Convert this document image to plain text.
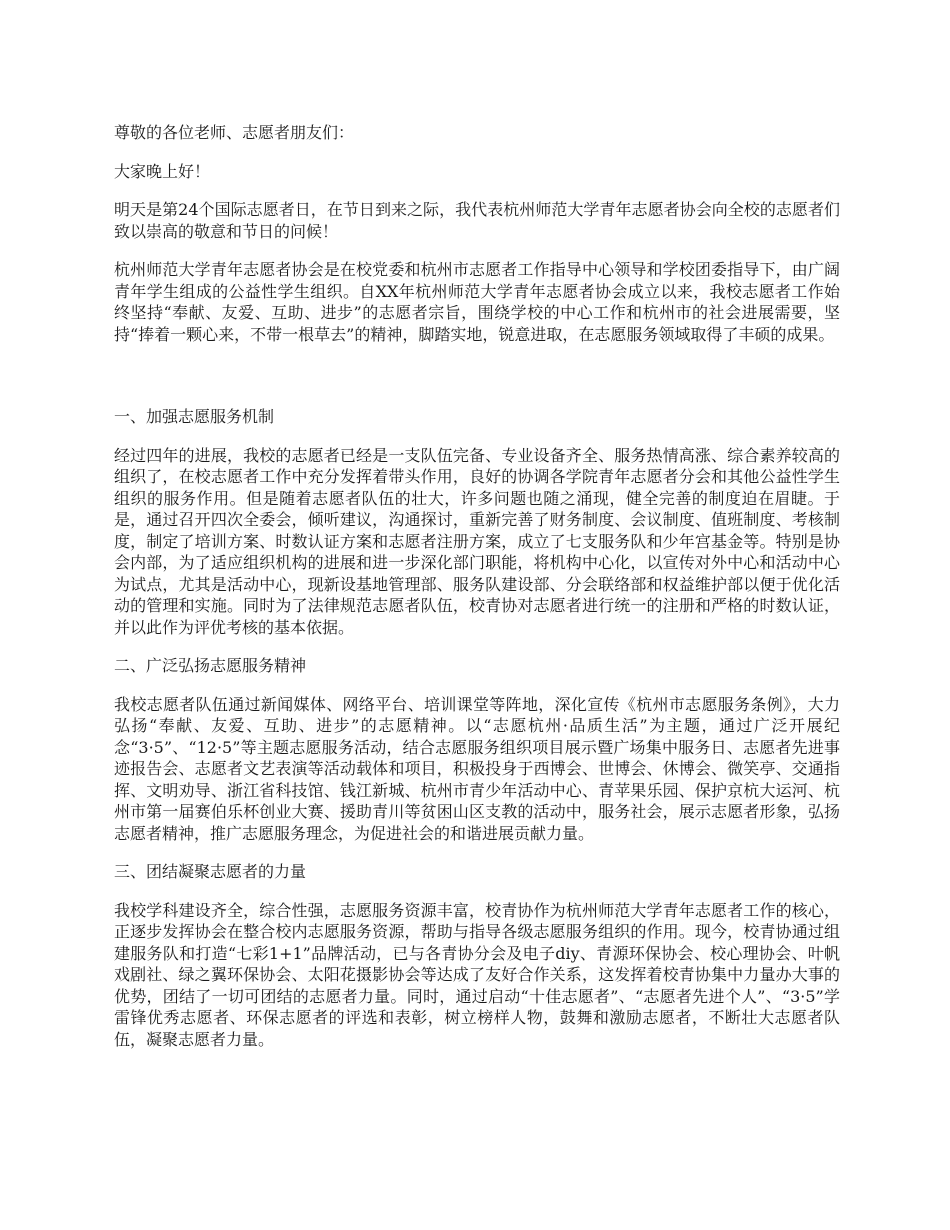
尊敬的各位老师、志愿者朋友们：

大家晚上好！

明天是第24个国际志愿者日，在节日到来之际，我代表杭州师范大学青年志愿者协会向全校的志愿者们致以崇高的敬意和节日的问候！

杭州师范大学青年志愿者协会是在校党委和杭州市志愿者工作指导中心领导和学校团委指导下，由广阔青年学生组成的公益性学生组织。自XX年杭州师范大学青年志愿者协会成立以来，我校志愿者工作始终坚持“奉献、友爱、互助、进步”的志愿者宗旨，围绕学校的中心工作和杭州市的社会进展需要，坚持“捧着一颗心来，不带一根草去”的精神，脚踏实地，锐意进取，在志愿服务领域取得了丰硕的成果。

一、加强志愿服务机制

经过四年的进展，我校的志愿者已经是一支队伍完备、专业设备齐全、服务热情高涨、综合素养较高的组织了，在校志愿者工作中充分发挥着带头作用，良好的协调各学院青年志愿者分会和其他公益性学生组织的服务作用。但是随着志愿者队伍的壮大，许多问题也随之涌现，健全完善的制度迫在眉睫。于是，通过召开四次全委会，倾听建议，沟通探讨，重新完善了财务制度、会议制度、值班制度、考核制度，制定了培训方案、时数认证方案和志愿者注册方案，成立了七支服务队和少年宫基金等。特别是协会内部，为了适应组织机构的进展和进一步深化部门职能，将机构中心化，以宣传对外中心和活动中心为试点，尤其是活动中心，现新设基地管理部、服务队建设部、分会联络部和权益维护部以便于优化活动的管理和实施。同时为了法律规范志愿者队伍，校青协对志愿者进行统一的注册和严格的时数认证，并以此作为评优考核的基本依据。

二、广泛弘扬志愿服务精神

我校志愿者队伍通过新闻媒体、网络平台、培训课堂等阵地，深化宣传《杭州市志愿服务条例》，大力弘扬“奉献、友爱、互助、进步”的志愿精神。以“志愿杭州·品质生活”为主题，通过广泛开展纪念“3·5”、“12·5”等主题志愿服务活动，结合志愿服务组织项目展示暨广场集中服务日、志愿者先进事迹报告会、志愿者文艺表演等活动载体和项目，积极投身于西博会、世博会、休博会、微笑亭、交通指挥、文明劝导、浙江省科技馆、钱江新城、杭州市青少年活动中心、青苹果乐园、保护京杭大运河、杭州市第一届赛伯乐杯创业大赛、援助青川等贫困山区支教的活动中，服务社会，展示志愿者形象，弘扬志愿者精神，推广志愿服务理念，为促进社会的和谐进展贡献力量。

三、团结凝聚志愿者的力量

我校学科建设齐全，综合性强，志愿服务资源丰富，校青协作为杭州师范大学青年志愿者工作的核心，正逐步发挥协会在整合校内志愿服务资源，帮助与指导各级志愿服务组织的作用。现今，校青协通过组建服务队和打造“七彩1+1”品牌活动，已与各青协分会及电子diy、青源环保协会、校心理协会、叶帆戏剧社、绿之翼环保协会、太阳花摄影协会等达成了友好合作关系，这发挥着校青协集中力量办大事的优势，团结了一切可团结的志愿者力量。同时，通过启动“十佳志愿者”、“志愿者先进个人”、“3·5”学雷锋优秀志愿者、环保志愿者的评选和表彰，树立榜样人物，鼓舞和激励志愿者，不断壮大志愿者队伍，凝聚志愿者力量。
